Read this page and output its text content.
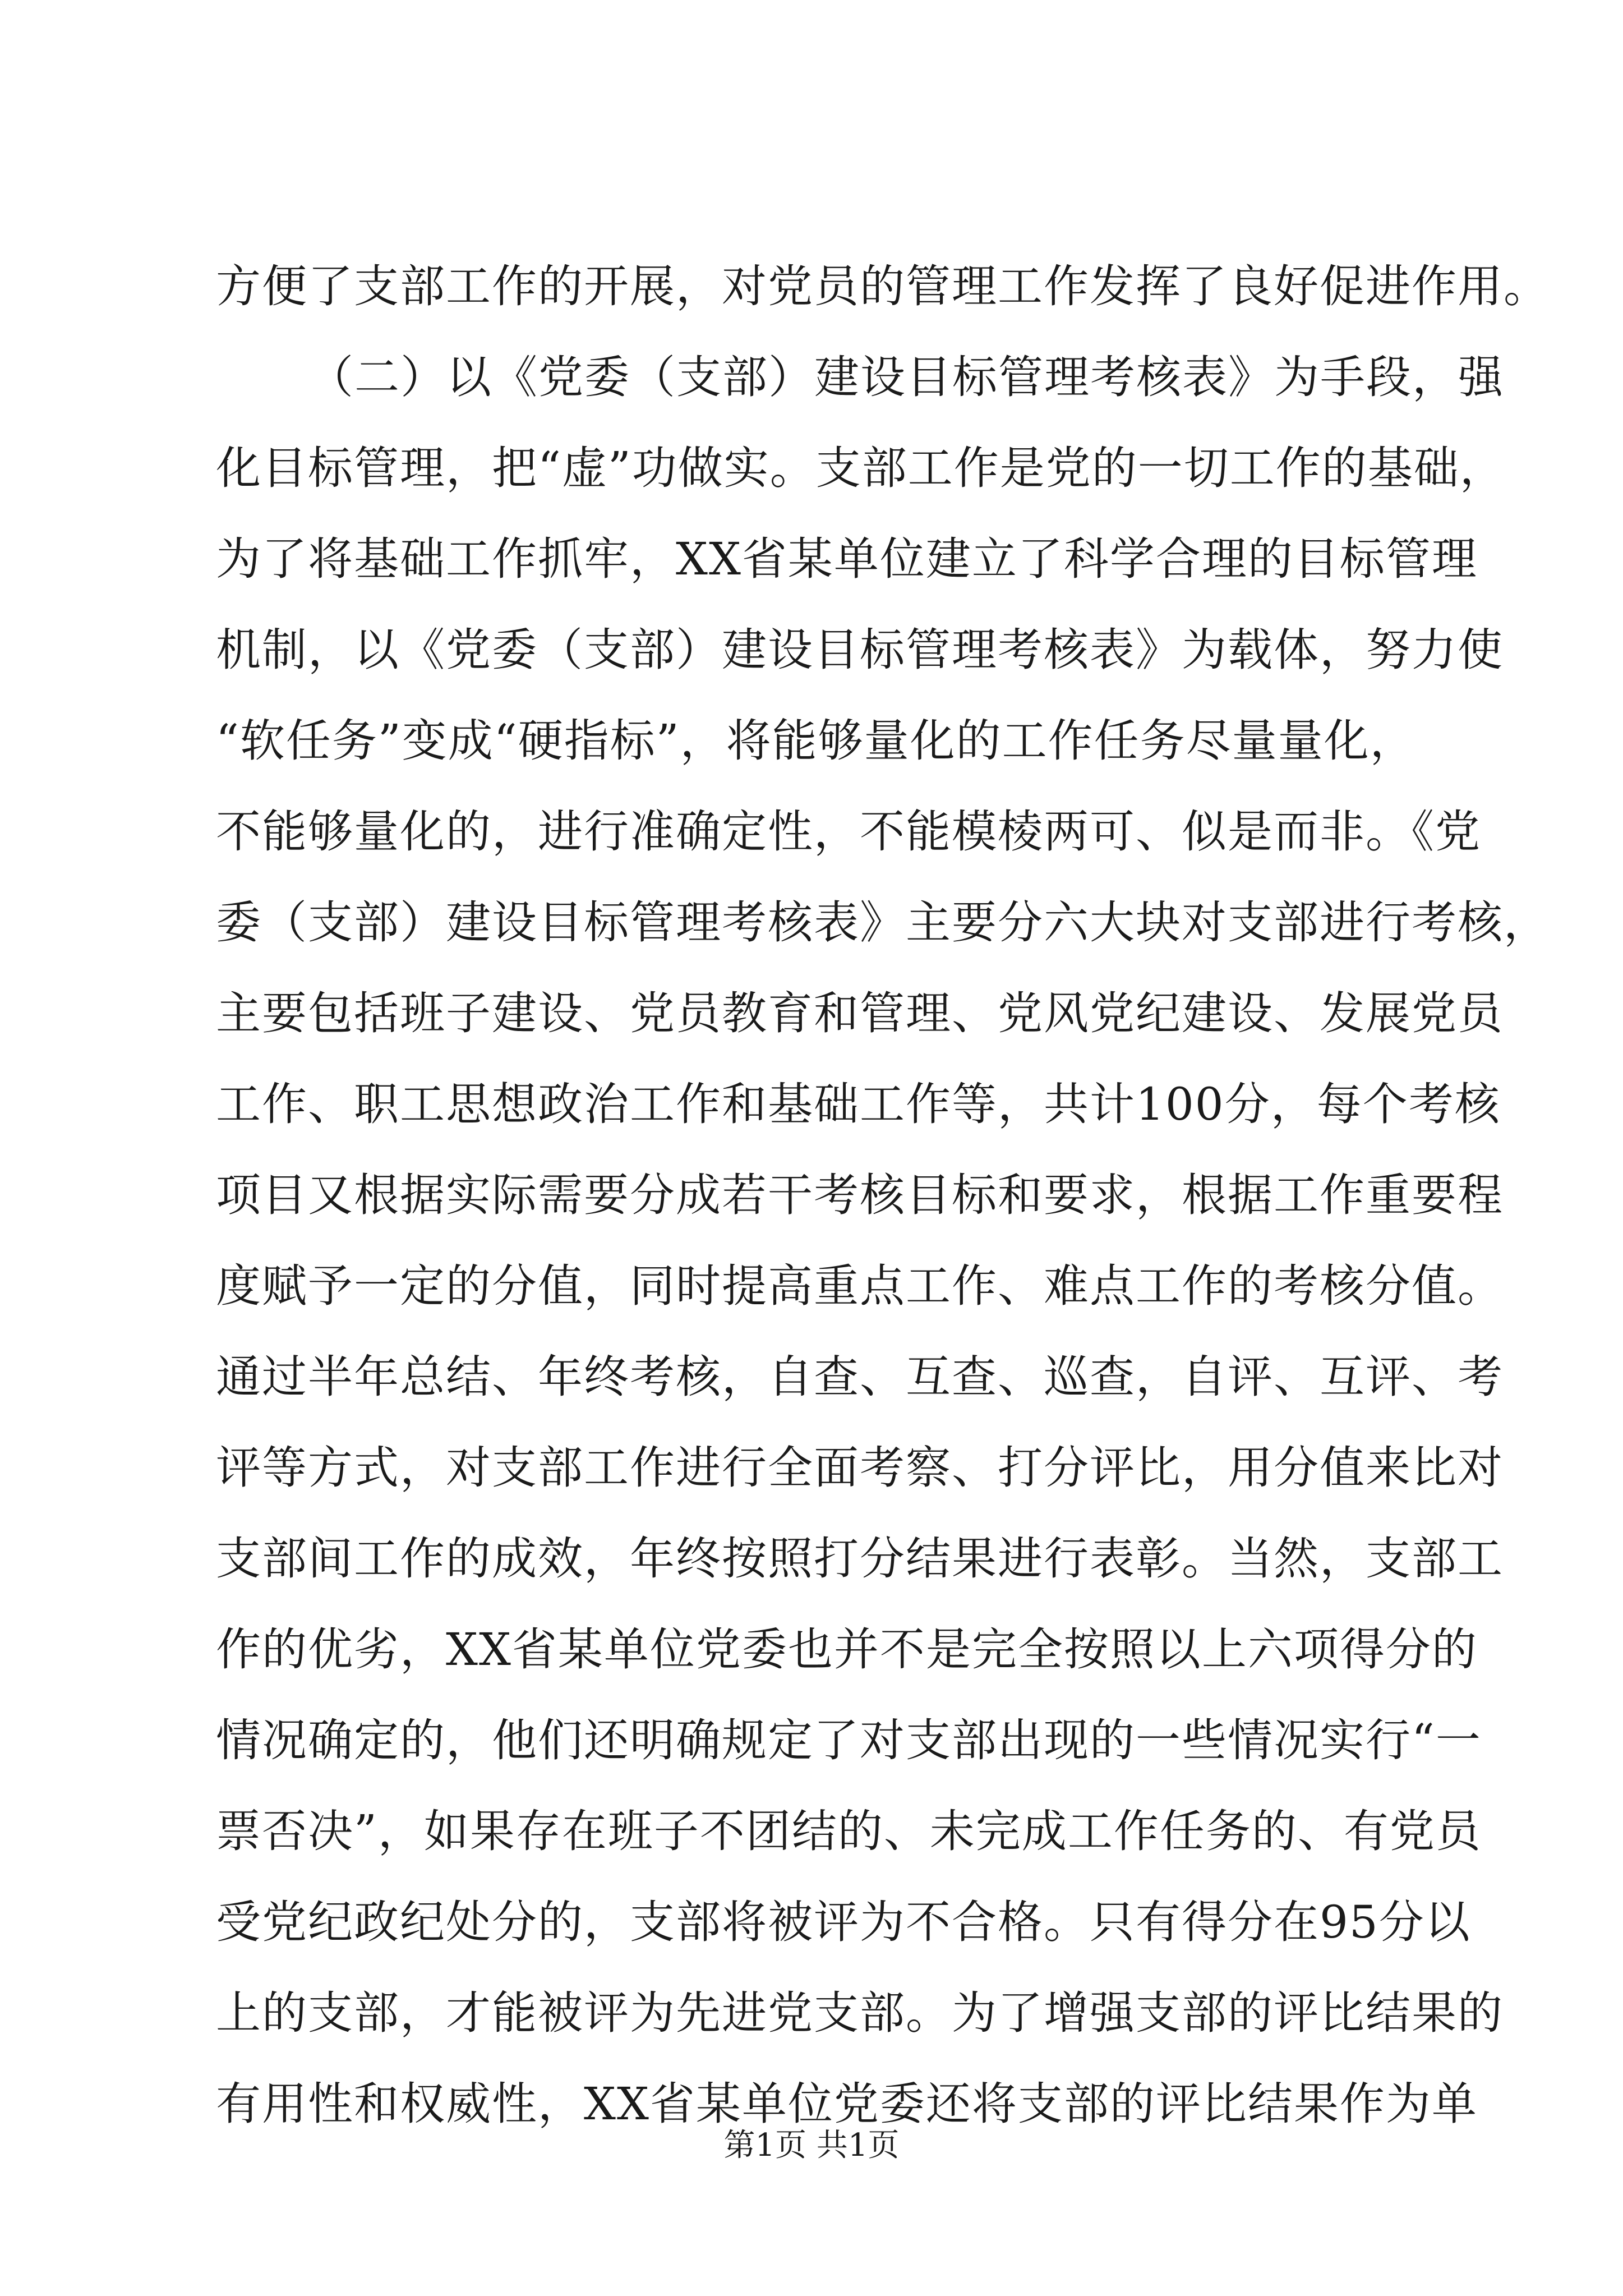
方便了支部工作的开展，对党员的管理工作发挥了良好促进作用。
（二）以《党委（支部）建设目标管理考核表》为手段，强
化目标管理，把“虚”功做实。支部工作是党的一切工作的基础，
为了将基础工作抓牢，XX省某单位建立了科学合理的目标管理
机制，以《党委（支部）建设目标管理考核表》为载体，努力使
“软任务”变成“硬指标”，将能够量化的工作任务尽量量化，
不能够量化的，进行准确定性，不能模棱两可、似是而非。《党
委（支部）建设目标管理考核表》主要分六大块对支部进行考核，
主要包括班子建设、党员教育和管理、党风党纪建设、发展党员
工作、职工思想政治工作和基础工作等，共计100分，每个考核
项目又根据实际需要分成若干考核目标和要求，根据工作重要程
度赋予一定的分值，同时提高重点工作、难点工作的考核分值。
通过半年总结、年终考核，自查、互查、巡查，自评、互评、考
评等方式，对支部工作进行全面考察、打分评比，用分值来比对
支部间工作的成效，年终按照打分结果进行表彰。当然，支部工
作的优劣，XX省某单位党委也并不是完全按照以上六项得分的
情况确定的，他们还明确规定了对支部出现的一些情况实行“一
票否决”，如果存在班子不团结的、未完成工作任务的、有党员
受党纪政纪处分的，支部将被评为不合格。只有得分在95分以
上的支部，才能被评为先进党支部。为了增强支部的评比结果的
有用性和权威性，XX省某单位党委还将支部的评比结果作为单
第1页 共1页
